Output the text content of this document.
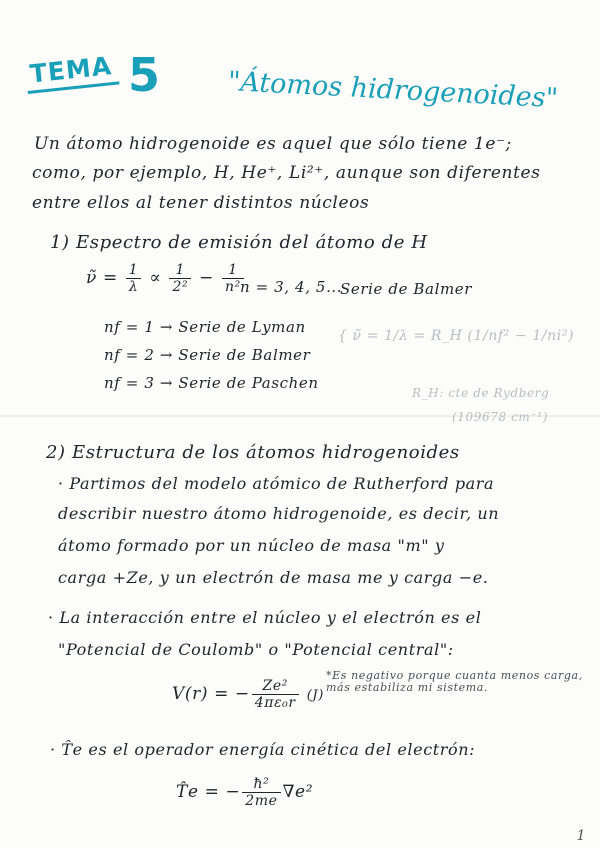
TEMA 5 "Átomos hidrogenoides"
Un átomo hidrogenoide es aquel que sólo tiene 1e⁻;
como, por ejemplo, H, He⁺, Li²⁺, aunque son diferentes
entre ellos al tener distintos núcleos
1) Espectro de emisión del átomo de H
ν̃ = $\frac{1}{\lambda} \propto \frac{1}{\text{2²}} - \frac{1}{\text{n²}}$
n = 3, 4, 5...
Serie de Balmer
nf = 1 → Serie de Lyman
nf = 2 → Serie de Balmer
nf = 3 → Serie de Paschen
{ ν̃ = 1/λ = R_H (1/nf² − 1/ni²)
R_H: cte de Rydberg
(109678 cm⁻¹)
2) Estructura de los átomos hidrogenoides
· Partimos del modelo atómico de Rutherford para
describir nuestro átomo hidrogenoide, es decir, un
átomo formado por un núcleo de masa "m" y
carga +Ze, y un electrón de masa me y carga −e.
· La interacción entre el núcleo y el electrón es el
"Potencial de Coulomb" o "Potencial central":
V(r) = − $\frac{\text{Ze²}}{\text{4πε₀r}} (J)$
*Es negativo porque cuanta menos carga, más estabiliza mi sistema.
· T̂e es el operador energía cinética del electrón:
T̂e = − $\frac{\text{ħ²}}{2me} \nabla e^2$
1
